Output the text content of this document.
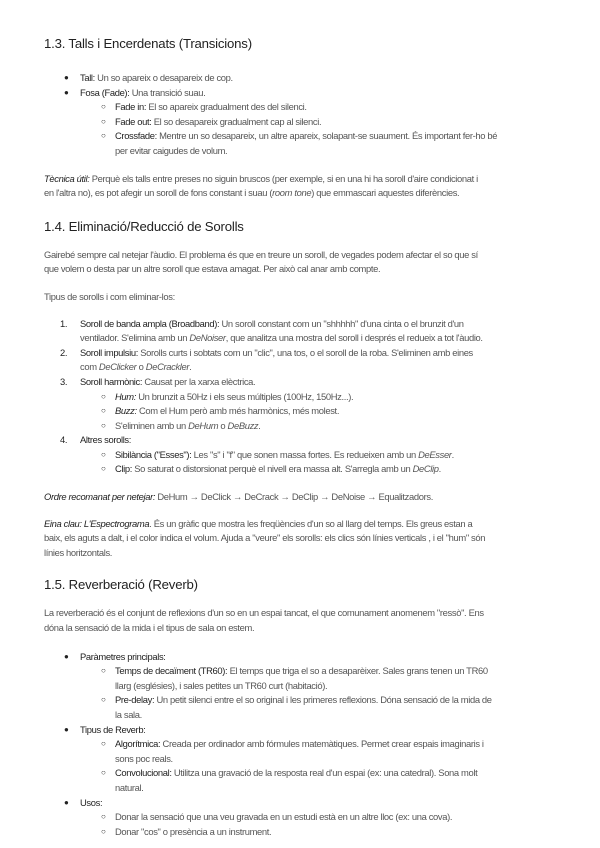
1.3. Talls i Encerdenats (Transicions)
● Tall: Un so apareix o desapareix de cop.
● Fosa (Fade): Una transició suau.
○ Fade in: El so apareix gradualment des del silenci.
○ Fade out: El so desapareix gradualment cap al silenci.
○ Crossfade: Mentre un so desapareix, un altre apareix, solapant-se suaument. És important fer-ho bé
per evitar caigudes de volum.

Tècnica útil: Perquè els talls entre preses no siguin bruscos (per exemple, si en una hi ha soroll d'aire condicionat i
en l'altra no), es pot afegir un soroll de fons constant i suau (room tone) que emmascari aquestes diferències.

1.4. Eliminació/Reducció de Sorolls

Gairebé sempre cal netejar l'àudio. El problema és que en treure un soroll, de vegades podem afectar el so que sí
que volem o desta par un altre soroll que estava amagat. Per això cal anar amb compte.

Tipus de sorolls i com eliminar-los:

1. Soroll de banda ampla (Broadband): Un soroll constant com un "shhhhh" d'una cinta o el brunzit d'un
ventilador. S'elimina amb un DeNoiser, que analitza una mostra del soroll i després el redueix a tot l'àudio.
2. Soroll impulsiu: Sorolls curts i sobtats com un "clic", una tos, o el soroll de la roba. S'eliminen amb eines
com DeClicker o DeCrackler.
3. Soroll harmònic: Causat per la xarxa elèctrica.
○ Hum: Un brunzit a 50Hz i els seus múltiples (100Hz, 150Hz...).
○ Buzz: Com el Hum però amb més harmònics, més molest.
○ S'eliminen amb un DeHum o DeBuzz.
4. Altres sorolls:
○ Sibilància ("Esses"): Les "s" i "f" que sonen massa fortes. Es redueixen amb un DeEsser.
○ Clip: So saturat o distorsionat perquè el nivell era massa alt. S'arregla amb un DeClip.

Ordre recomanat per netejar: DeHum → DeClick → DeCrack → DeClip → DeNoise → Equalitzadors.

Eina clau: L'Espectrograma. És un gràfic que mostra les freqüències d'un so al llarg del temps. Els greus estan a
baix, els aguts a dalt, i el color indica el volum. Ajuda a "veure" els sorolls: els clics són línies verticals , i el "hum" són
línies horitzontals.

1.5. Reverberació (Reverb)

La reverberació és el conjunt de reflexions d'un so en un espai tancat, el que comunament anomenem "ressò". Ens
dóna la sensació de la mida i el tipus de sala on estem.

● Paràmetres principals:
○ Temps de decaïment (TR60): El temps que triga el so a desaparèixer. Sales grans tenen un TR60
llarg (esglésies), i sales petites un TR60 curt (habitació).
○ Pre-delay: Un petit silenci entre el so original i les primeres reflexions. Dóna sensació de la mida de
la sala.
● Tipus de Reverb:
○ Algorítmica: Creada per ordinador amb fórmules matemàtiques. Permet crear espais imaginaris i
sons poc reals.
○ Convolucional: Utilitza una gravació de la resposta real d'un espai (ex: una catedral). Sona molt
natural.
● Usos:
○ Donar la sensació que una veu gravada en un estudi està en un altre lloc (ex: una cova).
○ Donar "cos" o presència a un instrument.
